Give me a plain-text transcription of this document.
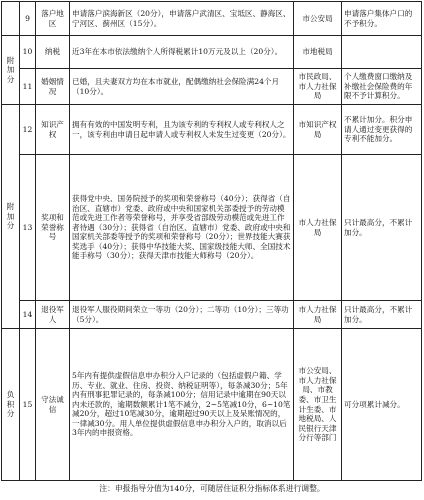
	9	落户地区	申请落户滨海新区（20分），申请落户武清区、宝坻区、静海区、宁河区、蓟州区（15分）。	市公安局	申请落户集体户口的不予积分。
附加分	10	纳税	近3年在本市依法缴纳个人所得税累计10万元及以上（20分）。	市地税局	
	11	婚姻情况	已婚，且夫妻双方均在本市就业，配偶缴纳社会保险满24个月（10分）。	市民政局、市人力社保局	个人缴费窗口缴纳及补缴社会保险费的年限不予计算积分。
附加分	12	知识产权	拥有有效的中国发明专利，且为该专利的专利权人或专利权人之一，该专利由申请日起申请人或专利权人未发生过变更（20分）。	市知识产权局	不累计加分。积分申请人通过变更获得的专利不能加分。
	13	奖项和荣誉称号	获得党中央、国务院授予的奖项和荣誉称号（40分）；获得省（自治区、直辖市）党委、政府或中央和国家机关部委授予的劳动模范或先进工作者等荣誉称号，并享受省部级劳动模范或先进工作者待遇（30分）；获得省（自治区、直辖市）党委、政府或中央和国家机关部委等授予的奖项和荣誉称号（20分）；世界技能大赛获奖选手（40分）；获得中华技能大奖、国家级技能大师、全国技术能手称号（30分）；获得天津市技能大师称号（20分）。	市人力社保局	只计最高分，不累计加分。
	14	退役军人	退役军人服役期间荣立一等功（20分）；二等功（10分）；三等功（5分）。	市人力社保局	只计最高分，不累计加分。
负积分	15	守法诚信	5年内有提供虚假信息申办积分入户记录的（包括虚假户籍、学历、专业、就业、住房、投资、纳税证明等），每条减30分；5年内有刑事犯罪记录的，每条减100分；信用记录中逾期在90天以内未还款的，逾期数额累计1笔不减分，2~5笔减10分，6~10笔减20分，超过10笔减30分，逾期超过90天以上及呆账情况的，一律减30分。用人单位提供虚假信息申办积分入户的，取消以后3年内的申报资格。	市公安局、市人力社保局、市教委、市卫生计生委、市地税局、人民银行天津分行等部门	可分项累计减分。
注：申报指导分值为140分，可随居住证积分指标体系进行调整。
